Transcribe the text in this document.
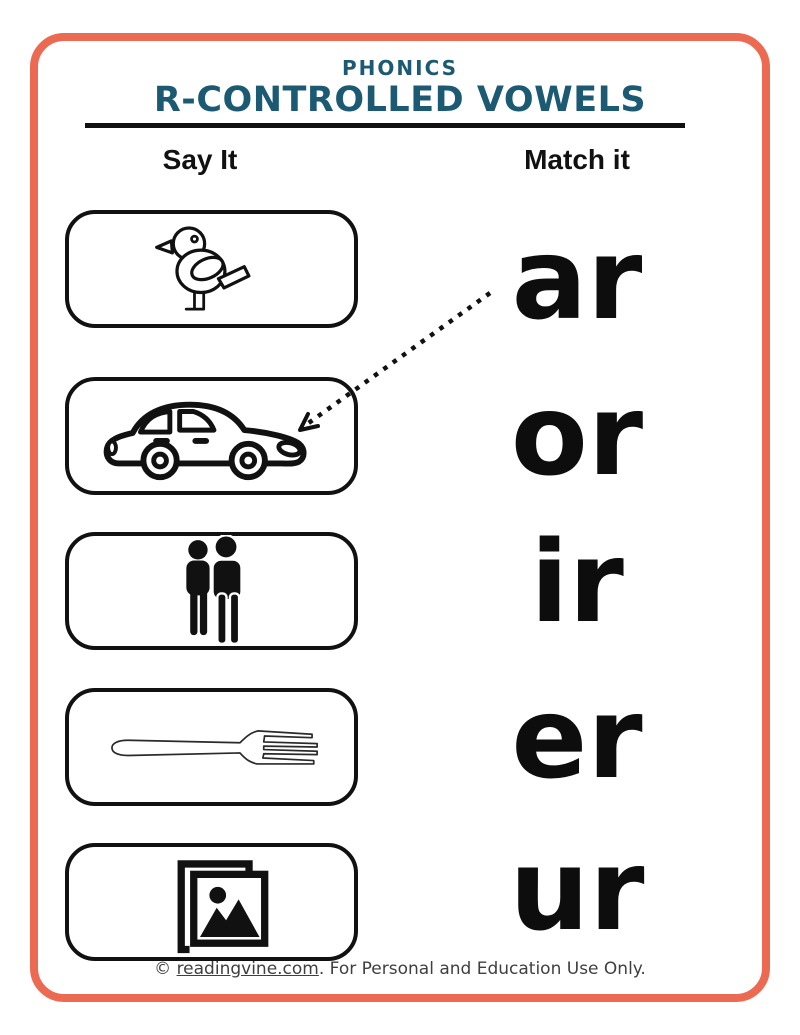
PHONICS
R-CONTROLLED VOWELS
Say It	Match it
ar
or
ir
er
ur
© readingvine.com. For Personal and Education Use Only.
